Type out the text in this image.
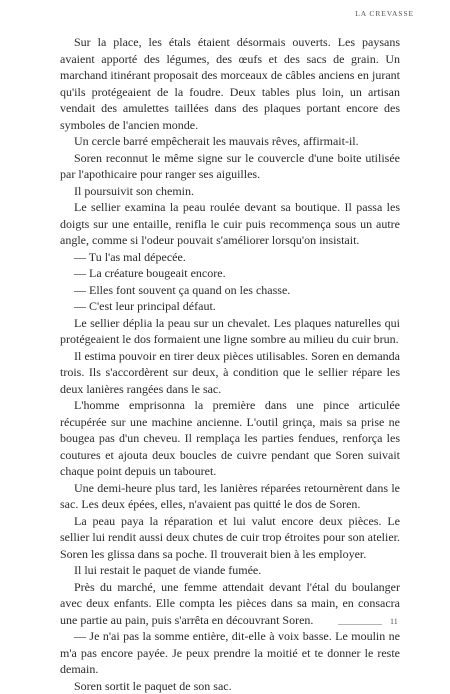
LA CREVASSE

Sur la place, les étals étaient désormais ouverts. Les paysans avaient apporté des légumes, des œufs et des sacs de grain. Un marchand itinérant proposait des morceaux de câbles anciens en jurant qu'ils protégeaient de la foudre. Deux tables plus loin, un artisan vendait des amulettes taillées dans des plaques portant encore des symboles de l'ancien monde.

Un cercle barré empêcherait les mauvais rêves, affirmait-il.

Soren reconnut le même signe sur le couvercle d'une boite utilisée par l'apothicaire pour ranger ses aiguilles.

Il poursuivit son chemin.

Le sellier examina la peau roulée devant sa boutique. Il passa les doigts sur une entaille, renifla le cuir puis recommença sous un autre angle, comme si l'odeur pouvait s'améliorer lorsqu'on insistait.

— Tu l'as mal dépecée.

— La créature bougeait encore.

— Elles font souvent ça quand on les chasse.

— C'est leur principal défaut.

Le sellier déplia la peau sur un chevalet. Les plaques naturelles qui protégeaient le dos formaient une ligne sombre au milieu du cuir brun.

Il estima pouvoir en tirer deux pièces utilisables. Soren en demanda trois. Ils s'accordèrent sur deux, à condition que le sellier répare les deux lanières rangées dans le sac.

L'homme emprisonna la première dans une pince articulée récupérée sur une machine ancienne. L'outil grinça, mais sa prise ne bougea pas d'un cheveu. Il remplaça les parties fendues, renforça les coutures et ajouta deux boucles de cuivre pendant que Soren suivait chaque point depuis un tabouret.

Une demi-heure plus tard, les lanières réparées retournèrent dans le sac. Les deux épées, elles, n'avaient pas quitté le dos de Soren.

La peau paya la réparation et lui valut encore deux pièces. Le sellier lui rendit aussi deux chutes de cuir trop étroites pour son atelier. Soren les glissa dans sa poche. Il trouverait bien à les employer.

Il lui restait le paquet de viande fumée.

Près du marché, une femme attendait devant l'étal du boulanger avec deux enfants. Elle compta les pièces dans sa main, en consacra une partie au pain, puis s'arrêta en découvrant Soren.

— Je n'ai pas la somme entière, dit-elle à voix basse. Le moulin ne m'a pas encore payée. Je peux prendre la moitié et te donner le reste demain.

Soren sortit le paquet de son sac.

11
